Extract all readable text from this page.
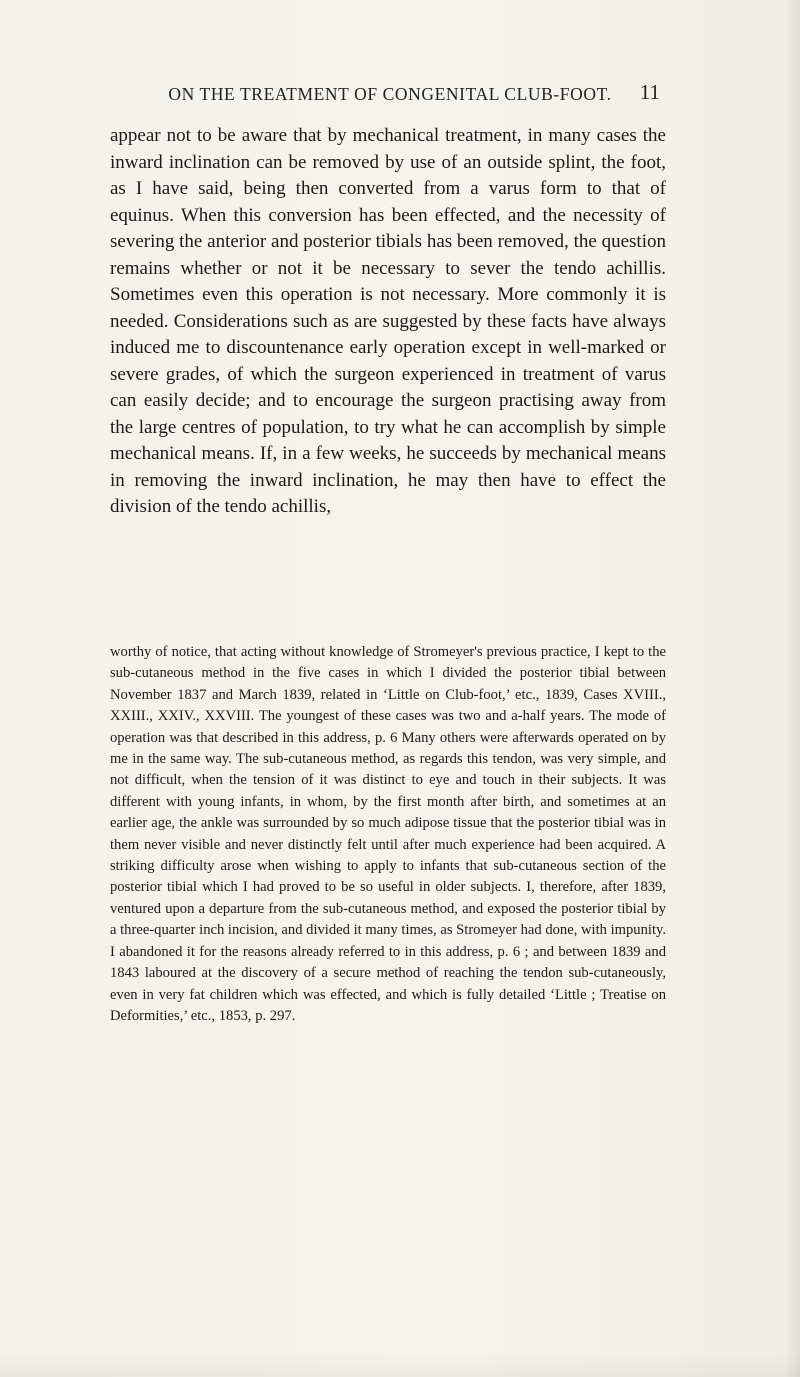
ON THE TREATMENT OF CONGENITAL CLUB-FOOT.	11

appear not to be aware that by mechanical treatment, in many cases the inward inclination can be removed by use of an outside splint, the foot, as I have said, being then converted from a varus form to that of equinus. When this conversion has been effected, and the necessity of severing the anterior and posterior tibials has been removed, the question remains whether or not it be necessary to sever the tendo achillis. Sometimes even this operation is not necessary. More commonly it is needed. Considerations such as are suggested by these facts have always induced me to discountenance early operation except in well-marked or severe grades, of which the surgeon experienced in treatment of varus can easily decide; and to encourage the surgeon practising away from the large centres of population, to try what he can accomplish by simple mechanical means. If, in a few weeks, he succeeds by mechanical means in removing the inward inclination, he may then have to effect the division of the tendo achillis,

worthy of notice, that acting without knowledge of Stromeyer's previous practice, I kept to the sub-cutaneous method in the five cases in which I divided the posterior tibial between November 1837 and March 1839, related in ‘Little on Club-foot,’ etc., 1839, Cases XVIII., XXIII., XXIV., XXVIII. The youngest of these cases was two and a-half years. The mode of operation was that described in this address, p. 6 Many others were afterwards operated on by me in the same way. The sub-cutaneous method, as regards this tendon, was very simple, and not difficult, when the tension of it was distinct to eye and touch in their subjects. It was different with young infants, in whom, by the first month after birth, and sometimes at an earlier age, the ankle was surrounded by so much adipose tissue that the posterior tibial was in them never visible and never distinctly felt until after much experience had been acquired. A striking difficulty arose when wishing to apply to infants that sub-cutaneous section of the posterior tibial which I had proved to be so useful in older subjects. I, therefore, after 1839, ventured upon a departure from the sub-cutaneous method, and exposed the posterior tibial by a three-quarter inch incision, and divided it many times, as Stromeyer had done, with impunity. I abandoned it for the reasons already referred to in this address, p. 6 ; and between 1839 and 1843 laboured at the discovery of a secure method of reaching the tendon sub-cutaneously, even in very fat children which was effected, and which is fully detailed ‘Little ; Treatise on Deformities,’ etc., 1853, p. 297.
